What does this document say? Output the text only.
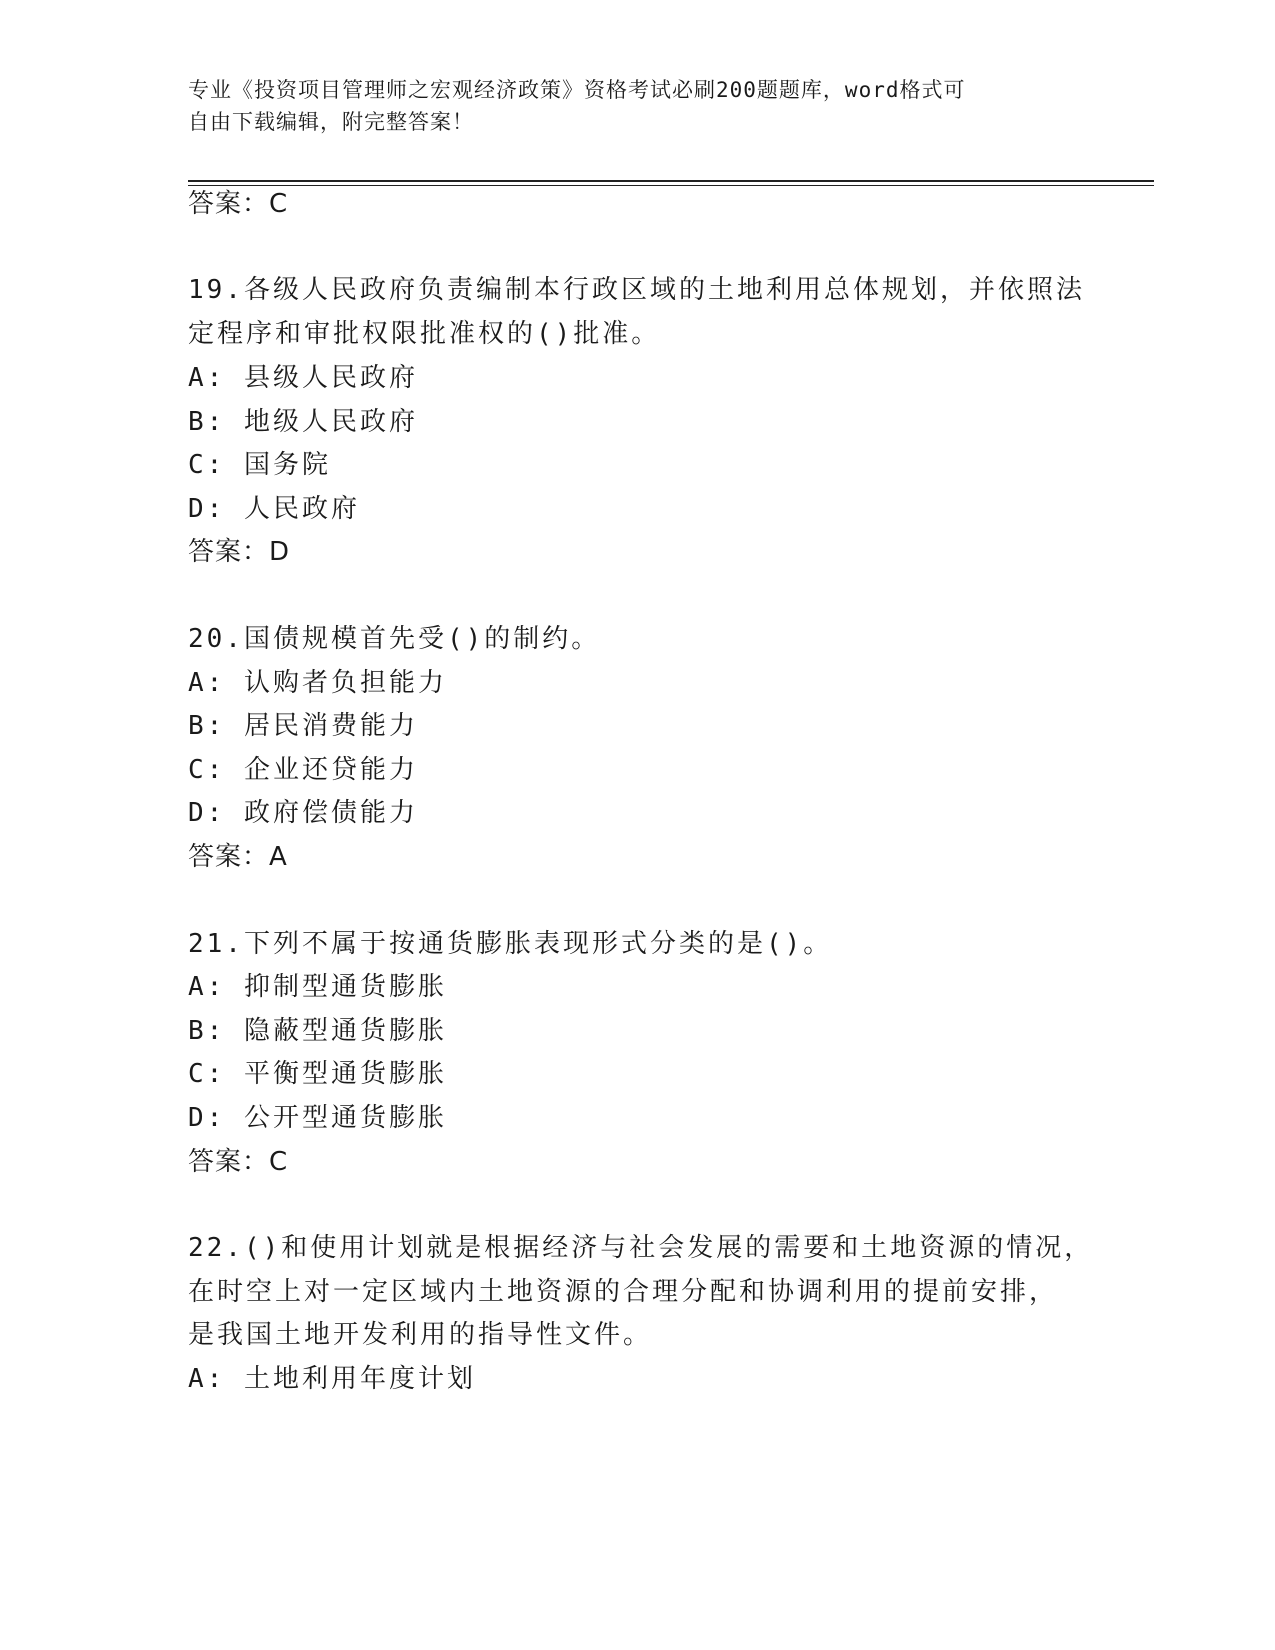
专业《投资项目管理师之宏观经济政策》资格考试必刷200题题库，word格式可
自由下载编辑，附完整答案！
答案：C
19.各级人民政府负责编制本行政区域的土地利用总体规划，并依照法
定程序和审批权限批准权的()批准。
A: 县级人民政府
B: 地级人民政府
C: 国务院
D: 人民政府
答案：D
20.国债规模首先受()的制约。
A: 认购者负担能力
B: 居民消费能力
C: 企业还贷能力
D: 政府偿债能力
答案：A
21.下列不属于按通货膨胀表现形式分类的是()。
A: 抑制型通货膨胀
B: 隐蔽型通货膨胀
C: 平衡型通货膨胀
D: 公开型通货膨胀
答案：C
22.()和使用计划就是根据经济与社会发展的需要和土地资源的情况，
在时空上对一定区域内土地资源的合理分配和协调利用的提前安排，
是我国土地开发利用的指导性文件。
A: 土地利用年度计划
